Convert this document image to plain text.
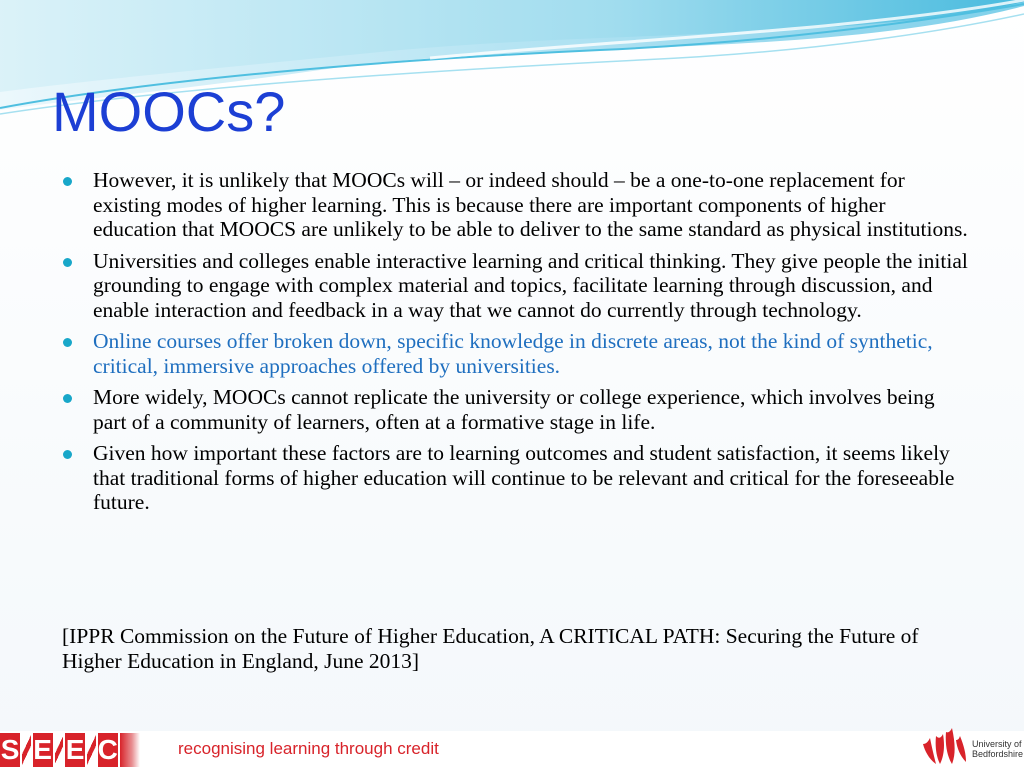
MOOCs?
However, it is unlikely that MOOCs will – or indeed should – be a one-to-one replacement for existing modes of higher learning. This is because there are important components of higher education that MOOCS are unlikely to be able to deliver to the same standard as physical institutions.
Universities and colleges enable interactive learning and critical thinking. They give people the initial grounding to engage with complex material and topics, facilitate learning through discussion, and enable interaction and feedback in a way that we cannot do currently through technology.
Online courses offer broken down, specific knowledge in discrete areas, not the kind of synthetic, critical, immersive approaches offered by universities.
More widely, MOOCs cannot replicate the university or college experience, which involves being part of a community of learners, often at a formative stage in life.
Given how important these factors are to learning outcomes and student satisfaction, it seems likely that traditional forms of higher education will continue to be relevant and critical for the foreseeable future.

[IPPR Commission on the Future of Higher Education, A CRITICAL PATH: Securing the Future of Higher Education in England, June 2013]

S E E C	recognising learning through credit	University of
Bedfordshire
